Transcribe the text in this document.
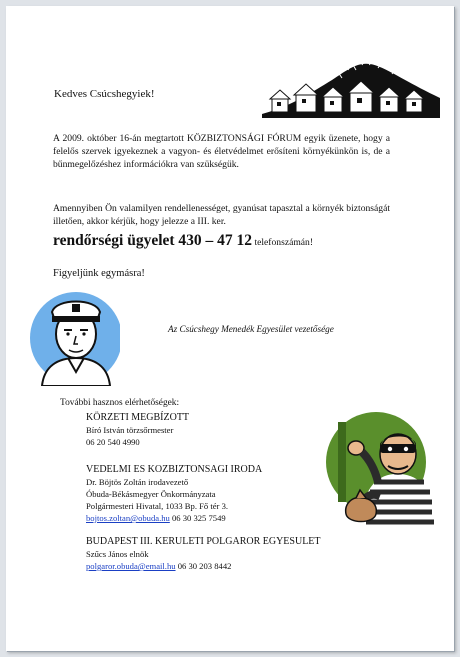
Kedves Csúcshegyiek!
A 2009. október 16-án megtartott KÖZBIZTONSÁGI FÓRUM egyik üzenete, hogy a felelős szervek igyekeznek a vagyon- és életvédelmet erősíteni környékünkön is, de a bűnmegelőzéshez információkra van szükségük.
Amennyiben Ön valamilyen rendellenességet, gyanúsat tapasztal a környék biztonságát illetően, akkor kérjük, hogy jelezze a III. ker.
rendőrségi ügyelet 430 – 47 12 telefonszámán!
Figyeljünk egymásra!
Az Csúcshegy Menedék Egyesület vezetősége
További hasznos elérhetőségek:
KÖRZETI MEGBÍZOTT
Bíró István törzsőrmester
06 20 540 4990
VEDELMI ES KOZBIZTONSAGI IRODA
Dr. Böjtös Zoltán irodavezető
Óbuda-Békásmegyer Önkormányzata
Polgármesteri Hivatal, 1033 Bp. Fő tér 3.
bojtos.zoltan@obuda.hu 06 30 325 7549
BUDAPEST III. KERULETI POLGAROR EGYESULET
Szűcs János elnök
polgaror.obuda@email.hu 06 30 203 8442
